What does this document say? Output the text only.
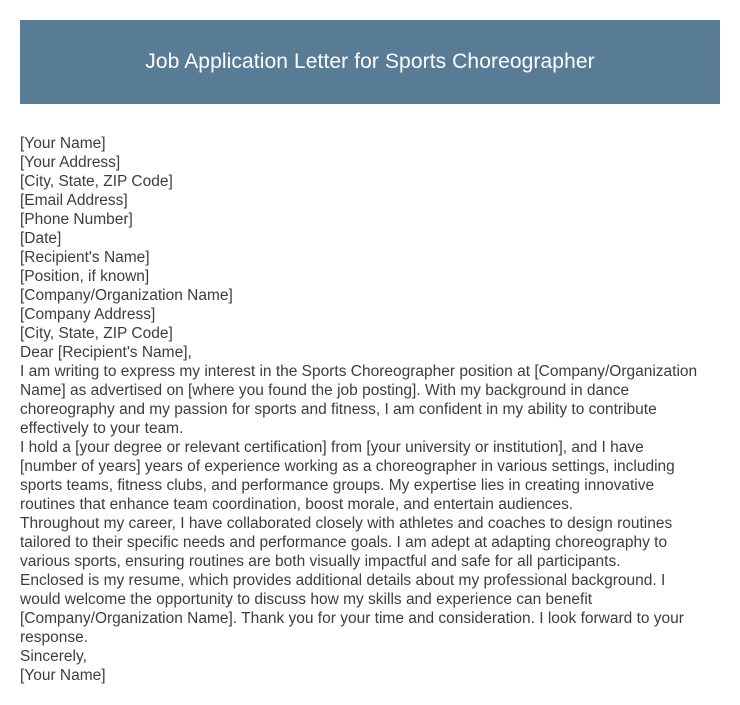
Job Application Letter for Sports Choreographer
[Your Name]
[Your Address]
[City, State, ZIP Code]
[Email Address]
[Phone Number]
[Date]
[Recipient's Name]
[Position, if known]
[Company/Organization Name]
[Company Address]
[City, State, ZIP Code]
Dear [Recipient's Name],
I am writing to express my interest in the Sports Choreographer position at [Company/Organization
Name] as advertised on [where you found the job posting]. With my background in dance
choreography and my passion for sports and fitness, I am confident in my ability to contribute
effectively to your team.
I hold a [your degree or relevant certification] from [your university or institution], and I have
[number of years] years of experience working as a choreographer in various settings, including
sports teams, fitness clubs, and performance groups. My expertise lies in creating innovative
routines that enhance team coordination, boost morale, and entertain audiences.
Throughout my career, I have collaborated closely with athletes and coaches to design routines
tailored to their specific needs and performance goals. I am adept at adapting choreography to
various sports, ensuring routines are both visually impactful and safe for all participants.
Enclosed is my resume, which provides additional details about my professional background. I
would welcome the opportunity to discuss how my skills and experience can benefit
[Company/Organization Name]. Thank you for your time and consideration. I look forward to your
response.
Sincerely,
[Your Name]
